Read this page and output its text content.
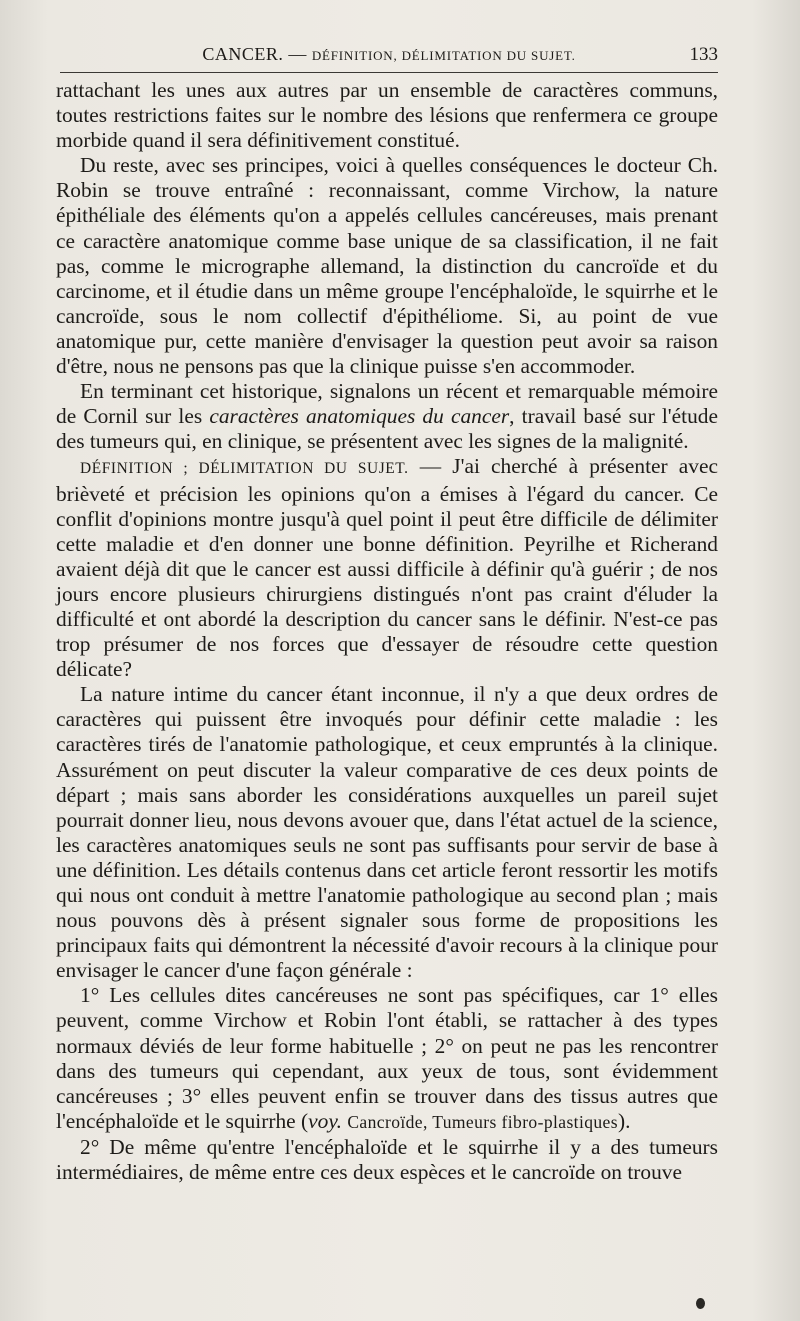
CANCER. — DÉFINITION, DÉLIMITATION DU SUJET.	133

rattachant les unes aux autres par un ensemble de caractères communs, toutes restrictions faites sur le nombre des lésions que renfermera ce groupe morbide quand il sera définitivement constitué.

Du reste, avec ses principes, voici à quelles conséquences le docteur Ch. Robin se trouve entraîné : reconnaissant, comme Virchow, la nature épithéliale des éléments qu'on a appelés cellules cancéreuses, mais prenant ce caractère anatomique comme base unique de sa classification, il ne fait pas, comme le micrographe allemand, la distinction du cancroïde et du carcinome, et il étudie dans un même groupe l'encéphaloïde, le squirrhe et le cancroïde, sous le nom collectif d'épithéliome. Si, au point de vue anatomique pur, cette manière d'envisager la question peut avoir sa raison d'être, nous ne pensons pas que la clinique puisse s'en accommoder.

En terminant cet historique, signalons un récent et remarquable mémoire de Cornil sur les caractères anatomiques du cancer, travail basé sur l'étude des tumeurs qui, en clinique, se présentent avec les signes de la malignité.

DÉFINITION ; DÉLIMITATION DU SUJET. — J'ai cherché à présenter avec brièveté et précision les opinions qu'on a émises à l'égard du cancer. Ce conflit d'opinions montre jusqu'à quel point il peut être difficile de délimiter cette maladie et d'en donner une bonne définition. Peyrilhe et Richerand avaient déjà dit que le cancer est aussi difficile à définir qu'à guérir ; de nos jours encore plusieurs chirurgiens distingués n'ont pas craint d'éluder la difficulté et ont abordé la description du cancer sans le définir. N'est-ce pas trop présumer de nos forces que d'essayer de résoudre cette question délicate?

La nature intime du cancer étant inconnue, il n'y a que deux ordres de caractères qui puissent être invoqués pour définir cette maladie : les caractères tirés de l'anatomie pathologique, et ceux empruntés à la clinique. Assurément on peut discuter la valeur comparative de ces deux points de départ ; mais sans aborder les considérations auxquelles un pareil sujet pourrait donner lieu, nous devons avouer que, dans l'état actuel de la science, les caractères anatomiques seuls ne sont pas suffisants pour servir de base à une définition. Les détails contenus dans cet article feront ressortir les motifs qui nous ont conduit à mettre l'anatomie pathologique au second plan ; mais nous pouvons dès à présent signaler sous forme de propositions les principaux faits qui démontrent la nécessité d'avoir recours à la clinique pour envisager le cancer d'une façon générale :

1° Les cellules dites cancéreuses ne sont pas spécifiques, car 1° elles peuvent, comme Virchow et Robin l'ont établi, se rattacher à des types normaux déviés de leur forme habituelle ; 2° on peut ne pas les rencontrer dans des tumeurs qui cependant, aux yeux de tous, sont évidemment cancéreuses ; 3° elles peuvent enfin se trouver dans des tissus autres que l'encéphaloïde et le squirrhe (voy. Cancroïde, Tumeurs fibro-plastiques).

2° De même qu'entre l'encéphaloïde et le squirrhe il y a des tumeurs intermédiaires, de même entre ces deux espèces et le cancroïde on trouve
